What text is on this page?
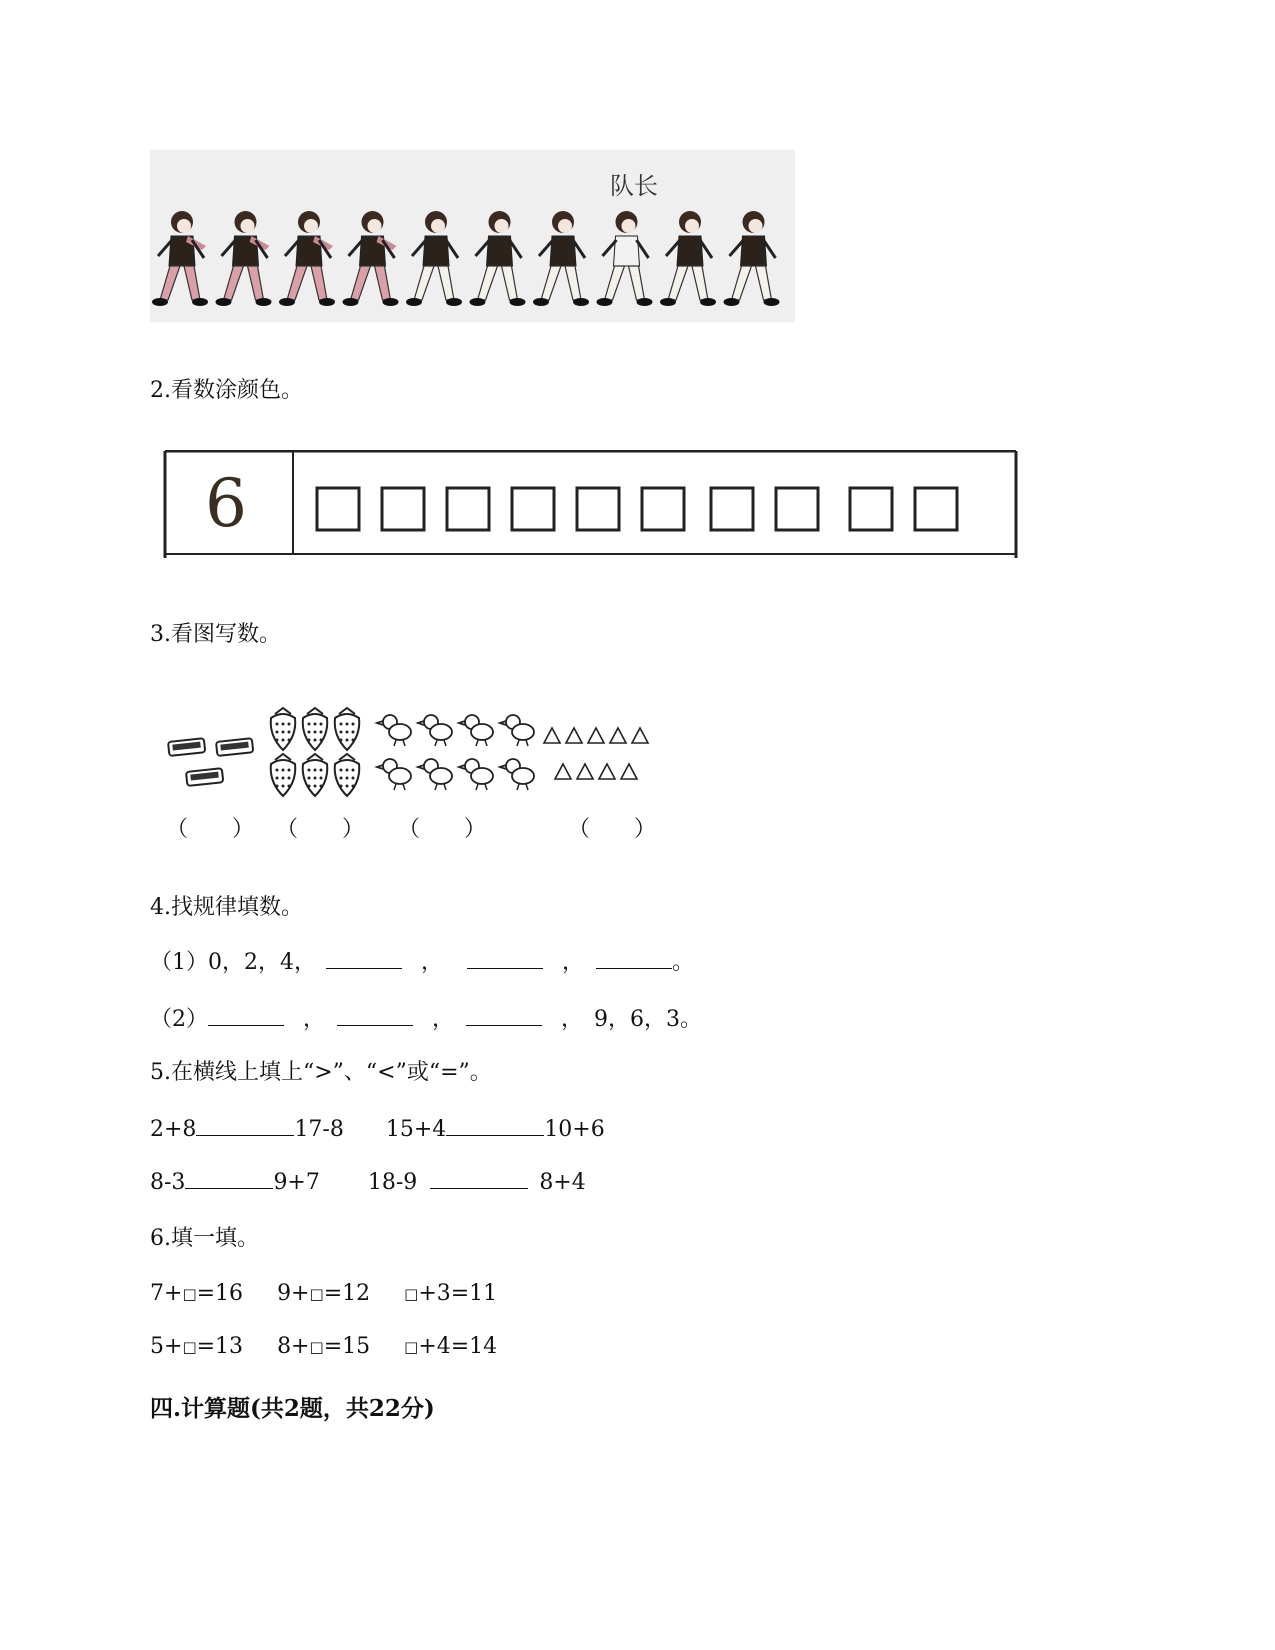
队长
2.看数涂颜色。
6
3.看图写数。
（　　） （　　） （　　）	（　　）
4.找规律填数。
（1）0，2，4，	，	，	。
（2）	，	，	，　9，6，3。
5.在横线上填上“>”、“<”或“=”。
2+8	17-8 15+4	10+6
8-3	9+7 18-9	8+4
6.填一填。
7+□=16 9+□=12 □+3=11
5+□=13 8+□=15 □+4=14
四.计算题(共2题，共22分)
